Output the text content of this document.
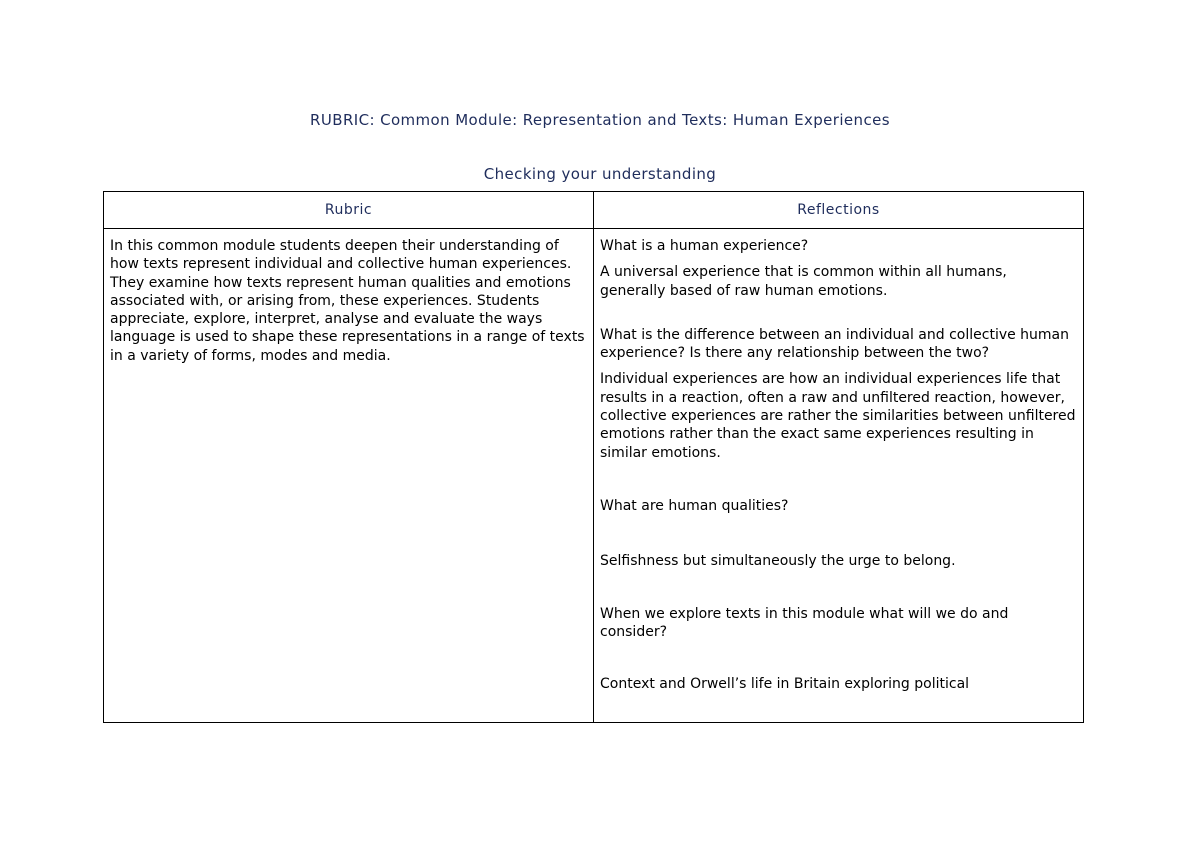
RUBRIC: Common Module: Representation and Texts: Human Experiences
Checking your understanding
Rubric	Reflections
In this common module students deepen their understanding of how texts represent individual and collective human experiences. They examine how texts represent human qualities and emotions associated with, or arising from, these experiences. Students appreciate, explore, interpret, analyse and evaluate the ways language is used to shape these representations in a range of texts in a variety of forms, modes and media.

What is a human experience?

A universal experience that is common within all humans, generally based of raw human emotions.

What is the difference between an individual and collective human experience? Is there any relationship between the two?

Individual experiences are how an individual experiences life that results in a reaction, often a raw and unfiltered reaction, however, collective experiences are rather the similarities between unfiltered emotions rather than the exact same experiences resulting in similar emotions.

What are human qualities?

Selfishness but simultaneously the urge to belong.

When we explore texts in this module what will we do and consider?

Context and Orwell’s life in Britain exploring political
